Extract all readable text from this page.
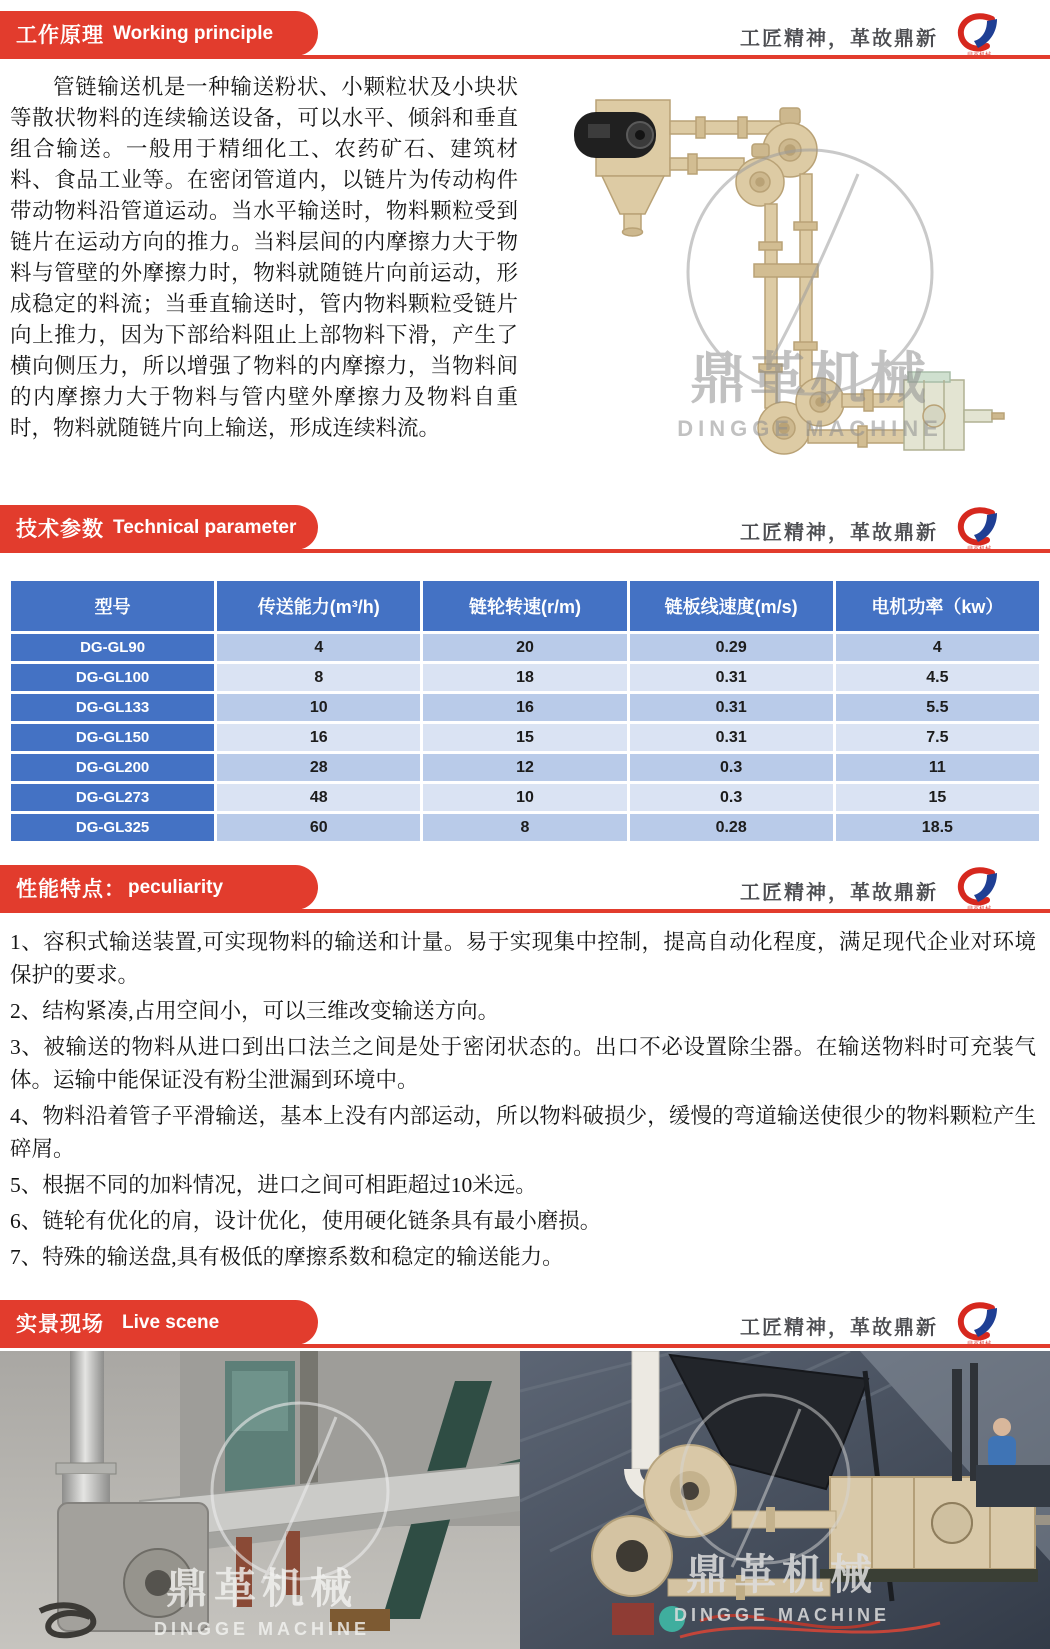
工作原理 Working principle	工匠精神，革故鼎新

管链输送机是一种输送粉状、小颗粒状及小块状等散状物料的连续输送设备，可以水平、倾斜和垂直组合输送。一般用于精细化工、农药矿石、建筑材料、食品工业等。在密闭管道内，以链片为传动构件带动物料沿管道运动。当水平输送时，物料颗粒受到链片在运动方向的推力。当料层间的内摩擦力大于物料与管壁的外摩擦力时，物料就随链片向前运动，形成稳定的料流；当垂直输送时，管内物料颗粒受链片向上推力，因为下部给料阻止上部物料下滑，产生了横向侧压力，所以增强了物料的内摩擦力，当物料间的内摩擦力大于物料与管内壁外摩擦力及物料自重时，物料就随链片向上输送，形成连续料流。

鼎革机械
DINGGE MACHINE
技术参数 Technical parameter	工匠精神，革故鼎新
型号	传送能力(m³/h)	链轮转速(r/m)	链板线速度(m/s)	电机功率（kw）
DG-GL90	4	20	0.29	4
DG-GL100	8	18	0.31	4.5
DG-GL133	10	16	0.31	5.5
DG-GL150	16	15	0.31	7.5
DG-GL200	28	12	0.3	11
DG-GL273	48	10	0.3	15
DG-GL325	60	8	0.28	18.5
性能特点： peculiarity	工匠精神，革故鼎新
1、容积式输送装置,可实现物料的输送和计量。易于实现集中控制，提高自动化程度，满足现代企业对环境保护的要求。
2、结构紧凑,占用空间小，可以三维改变输送方向。
3、被输送的物料从进口到出口法兰之间是处于密闭状态的。出口不必设置除尘器。在输送物料时可充装气体。运输中能保证没有粉尘泄漏到环境中。
4、物料沿着管子平滑输送，基本上没有内部运动，所以物料破损少，缓慢的弯道输送使很少的物料颗粒产生碎屑。
5、根据不同的加料情况，进口之间可相距超过10米远。
6、链轮有优化的肩，设计优化，使用硬化链条具有最小磨损。
7、特殊的输送盘,具有极低的摩擦系数和稳定的输送能力。
实景现场 Live scene	工匠精神，革故鼎新
鼎革机械
DINGGE MACHINE
鼎革机械
DINGGE MACHINE
